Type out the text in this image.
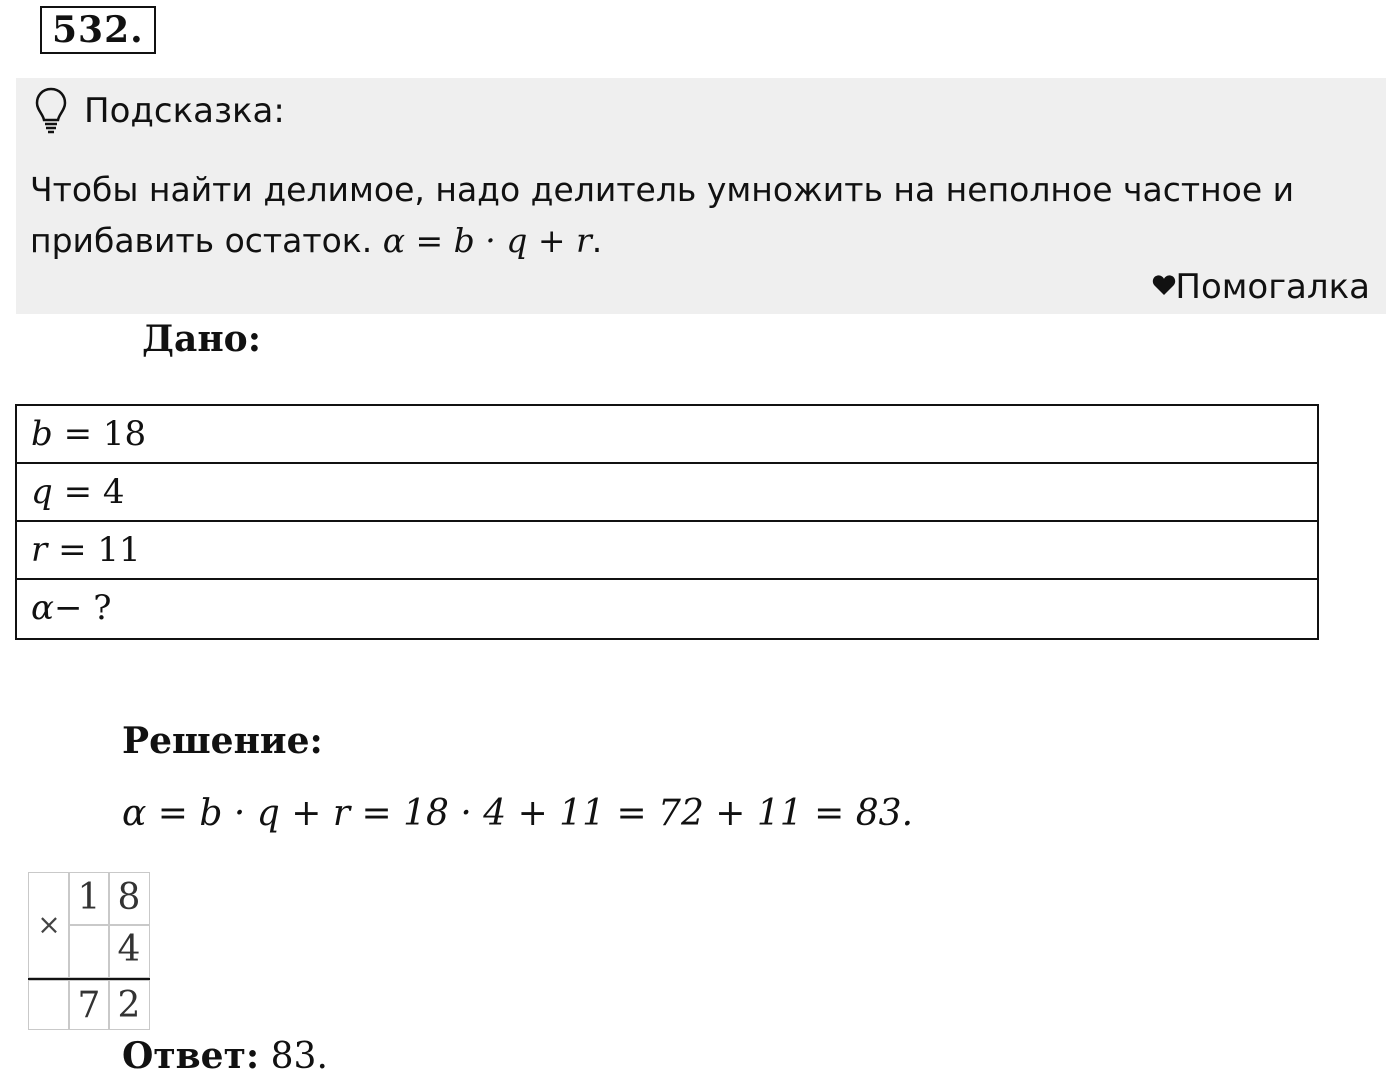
532.
Подсказка:
Чтобы найти делимое, надо делитель умножить на неполное частное и прибавить остаток. α = b · q + r.
Помогалка
Дано:
b = 18
q = 4
r = 11
α− ?
Решение:
α = b · q + r = 18 · 4 + 11 = 72 + 11 = 83.
×
1 8
4
7 2
Ответ: 83.
